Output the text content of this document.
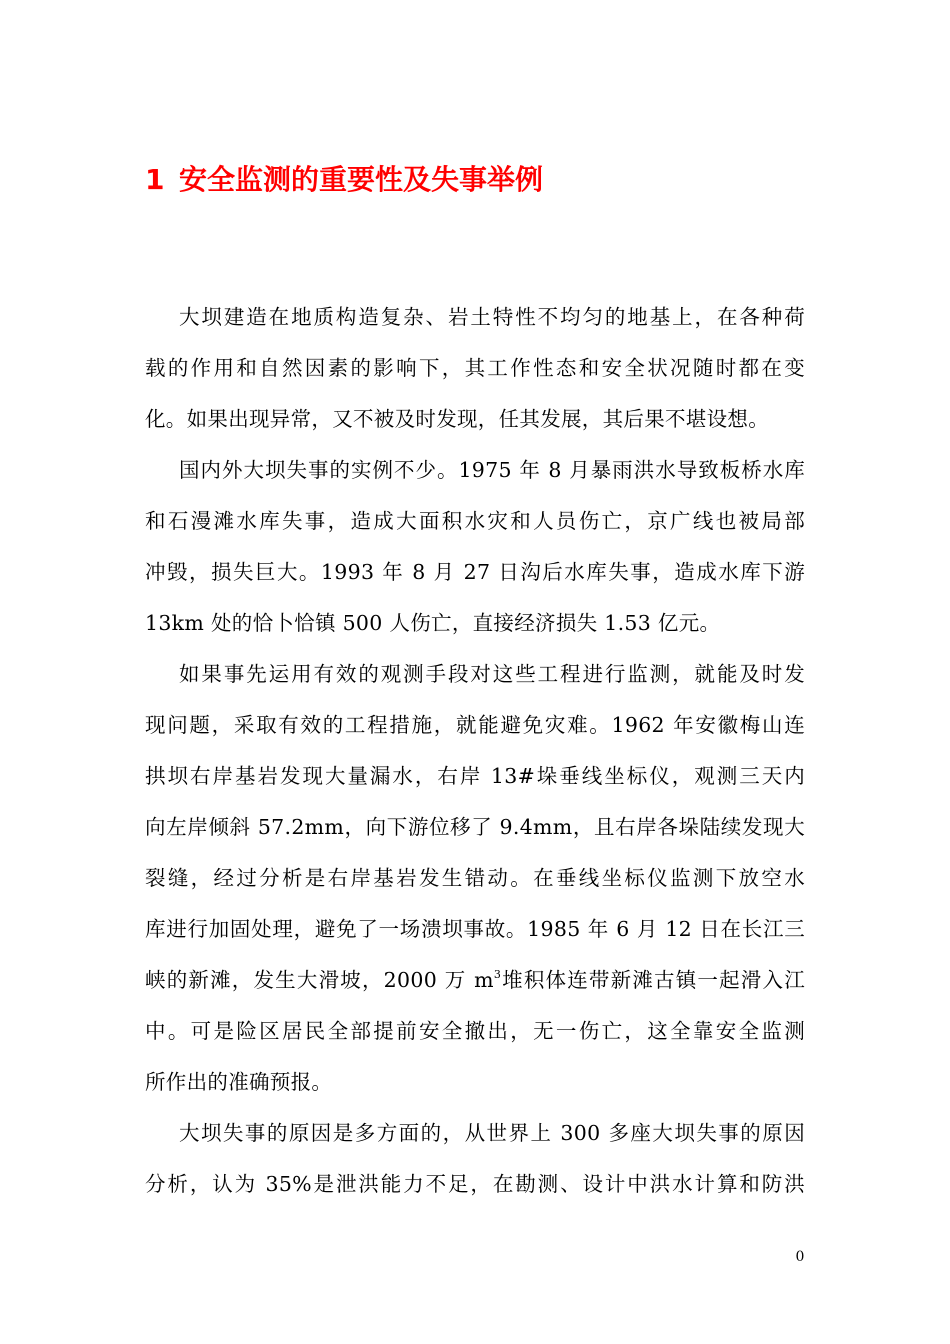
1 安全监测的重要性及失事举例
大坝建造在地质构造复杂、岩土特性不均匀的地基上，在各种荷
载的作用和自然因素的影响下，其工作性态和安全状况随时都在变
化。如果出现异常，又不被及时发现，任其发展，其后果不堪设想。
国内外大坝失事的实例不少。1975 年 8 月暴雨洪水导致板桥水库
和石漫滩水库失事，造成大面积水灾和人员伤亡，京广线也被局部
冲毁，损失巨大。1993 年 8 月 27 日沟后水库失事，造成水库下游
13km 处的恰卜恰镇 500 人伤亡，直接经济损失 1.53 亿元。
如果事先运用有效的观测手段对这些工程进行监测，就能及时发
现问题，采取有效的工程措施，就能避免灾难。1962 年安徽梅山连
拱坝右岸基岩发现大量漏水，右岸 13#垛垂线坐标仪，观测三天内
向左岸倾斜 57.2mm，向下游位移了 9.4mm，且右岸各垛陆续发现大
裂缝，经过分析是右岸基岩发生错动。在垂线坐标仪监测下放空水
库进行加固处理，避免了一场溃坝事故。1985 年 6 月 12 日在长江三
峡的新滩，发生大滑坡，2000 万 $m^3$堆积体连带新滩古镇一起滑入江
中。可是险区居民全部提前安全撤出，无一伤亡，这全靠安全监测
所作出的准确预报。
大坝失事的原因是多方面的，从世界上 300 多座大坝失事的原因
分析，认为 35%是泄洪能力不足，在勘测、设计中洪水计算和防洪
0
